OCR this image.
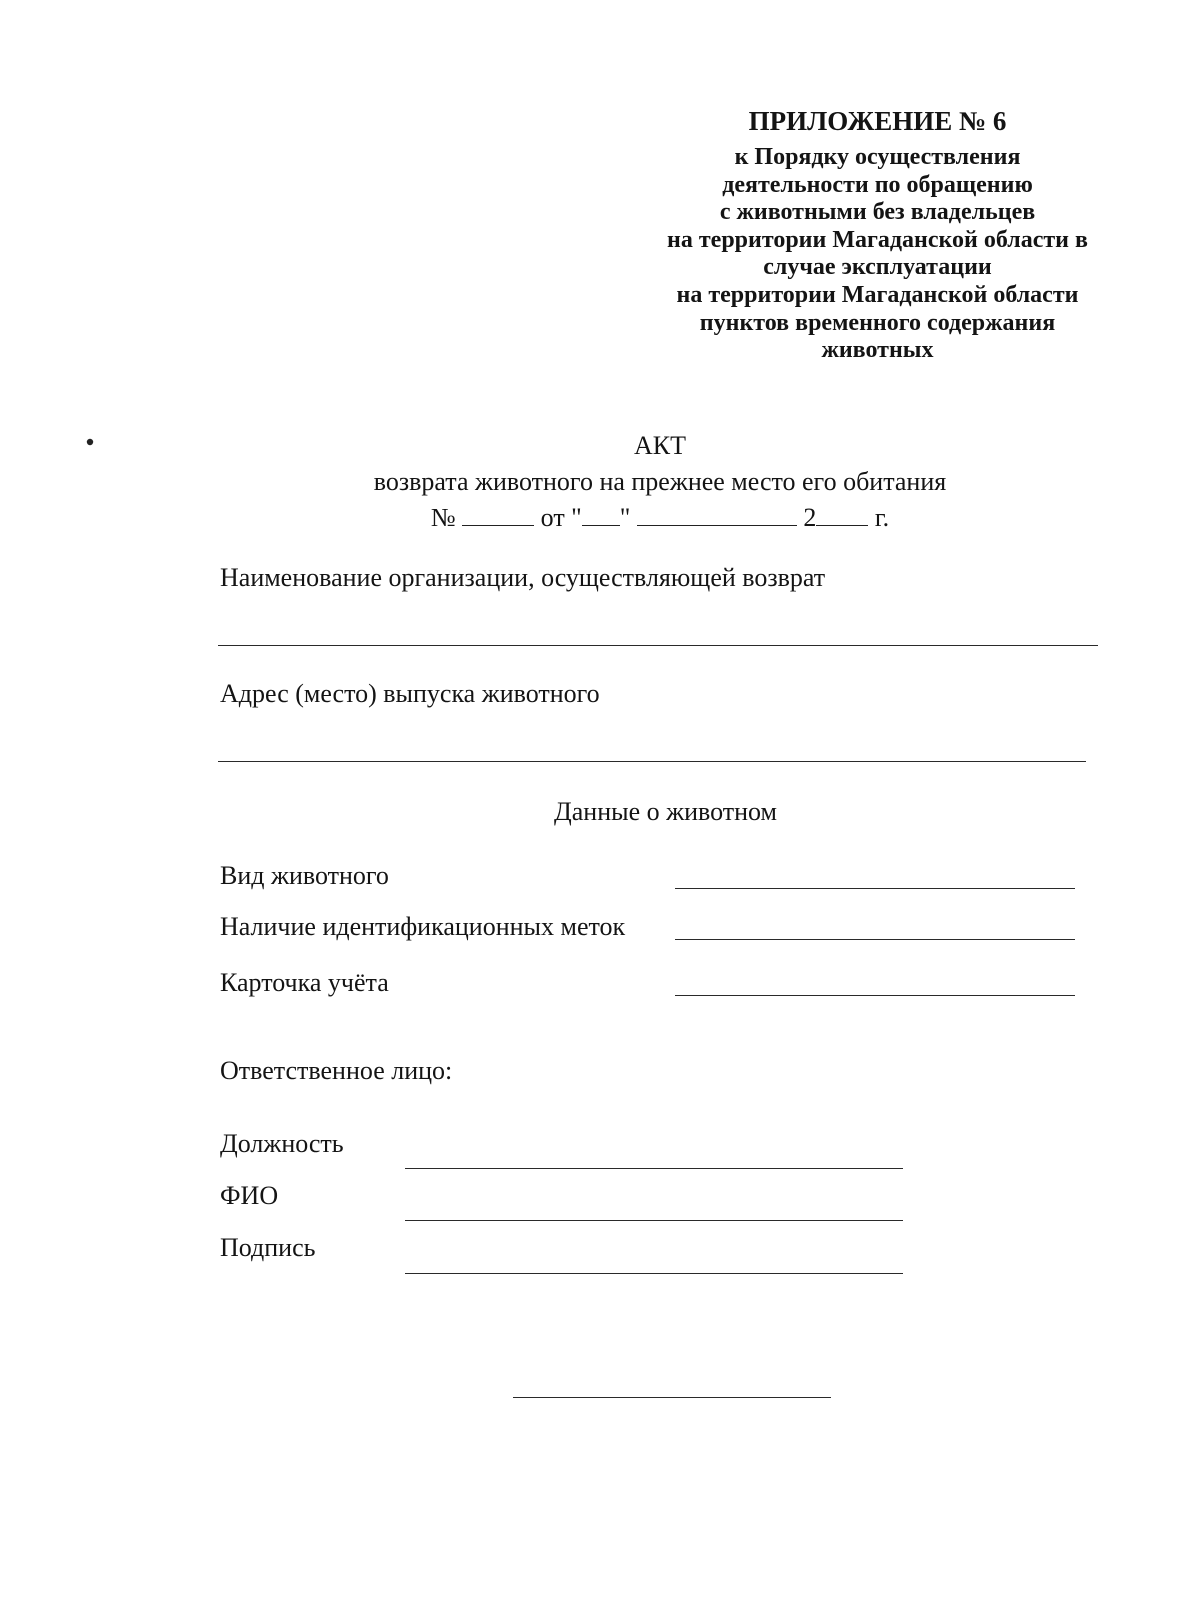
ПРИЛОЖЕНИЕ № 6
к Порядку осуществления
деятельности по обращению
с животными без владельцев
на территории Магаданской области в
случае эксплуатации
на территории Магаданской области
пунктов временного содержания
животных
АКТ
возврата животного на прежнее место его обитания
№	от " "	2 г.
Наименование организации, осуществляющей возврат
Адрес (место) выпуска животного
Данные о животном
Вид животного
Наличие идентификационных меток
Карточка учёта
Ответственное лицо:
Должность
ФИО
Подпись
